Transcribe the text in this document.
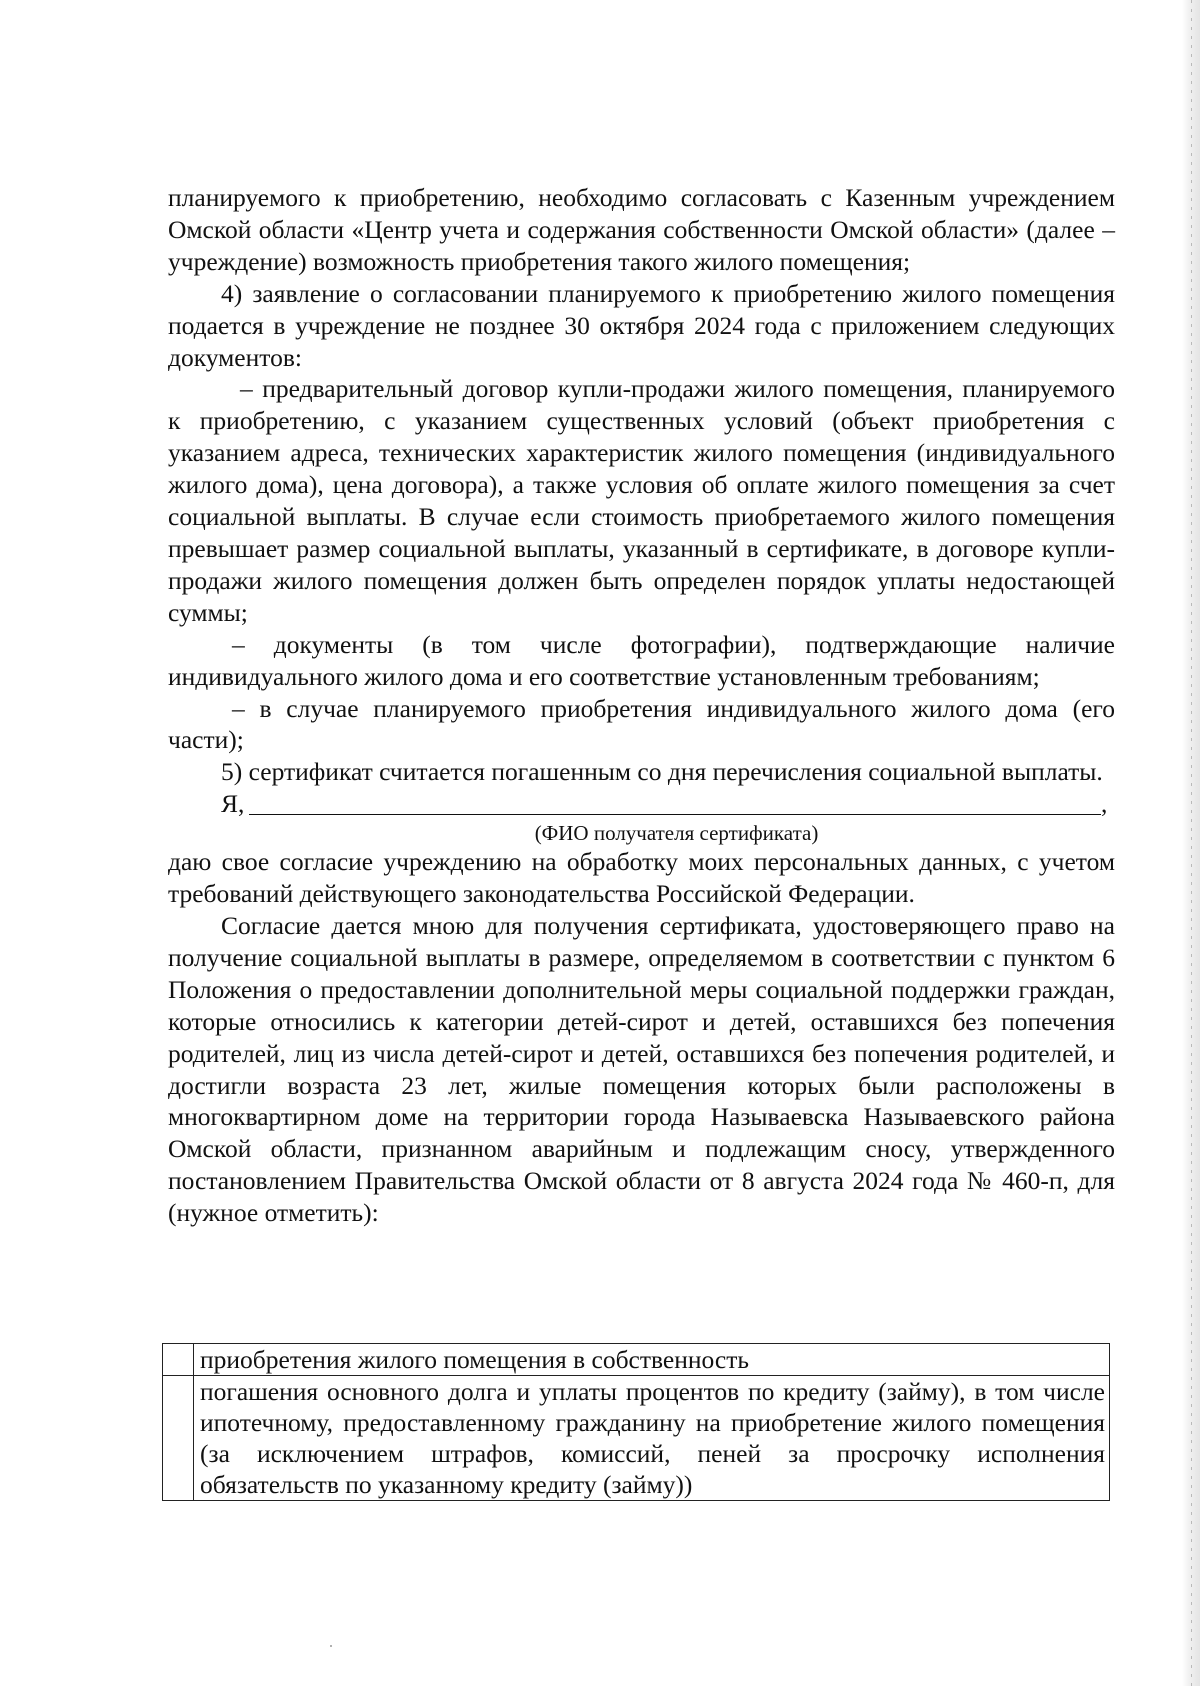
планируемого к приобретению, необходимо согласовать с Казенным учреждением Омской области «Центр учета и содержания собственности Омской области» (далее – учреждение) возможность приобретения такого жилого помещения;

4) заявление о согласовании планируемого к приобретению жилого помещения подается в учреждение не позднее 30 октября 2024 года с приложением следующих документов:

– предварительный договор купли-продажи жилого помещения, планируемого к приобретению, с указанием существенных условий (объект приобретения с указанием адреса, технических характеристик жилого помещения (индивидуального жилого дома), цена договора), а также условия об оплате жилого помещения за счет социальной выплаты. В случае если стоимость приобретаемого жилого помещения превышает размер социальной выплаты, указанный в сертификате, в договоре купли-продажи жилого помещения должен быть определен порядок уплаты недостающей суммы;

– документы (в том числе фотографии), подтверждающие наличие индивидуального жилого дома и его соответствие установленным требованиям;

– в случае планируемого приобретения индивидуального жилого дома (его части);

5) сертификат считается погашенным со дня перечисления социальной выплаты.

Я,	,
(ФИО получателя сертификата)

даю свое согласие учреждению на обработку моих персональных данных, с учетом требований действующего законодательства Российской Федерации.

Согласие дается мною для получения сертификата, удостоверяющего право на получение социальной выплаты в размере, определяемом в соответствии с пунктом 6 Положения о предоставлении дополнительной меры социальной поддержки граждан, которые относились к категории детей-сирот и детей, оставшихся без попечения родителей, лиц из числа детей-сирот и детей, оставшихся без попечения родителей, и достигли возраста 23 лет, жилые помещения которых были расположены в многоквартирном доме на территории города Называевска Называевского района Омской области, признанном аварийным и подлежащим сносу, утвержденного постановлением Правительства Омской области от 8 августа 2024 года № 460-п, для (нужное отметить):

	приобретения жилого помещения в собственность
	погашения основного долга и уплаты процентов по кредиту (займу), в том числе ипотечному, предоставленному гражданину на приобретение жилого помещения (за исключением штрафов, комиссий, пеней за просрочку исполнения обязательств по указанному кредиту (займу))
